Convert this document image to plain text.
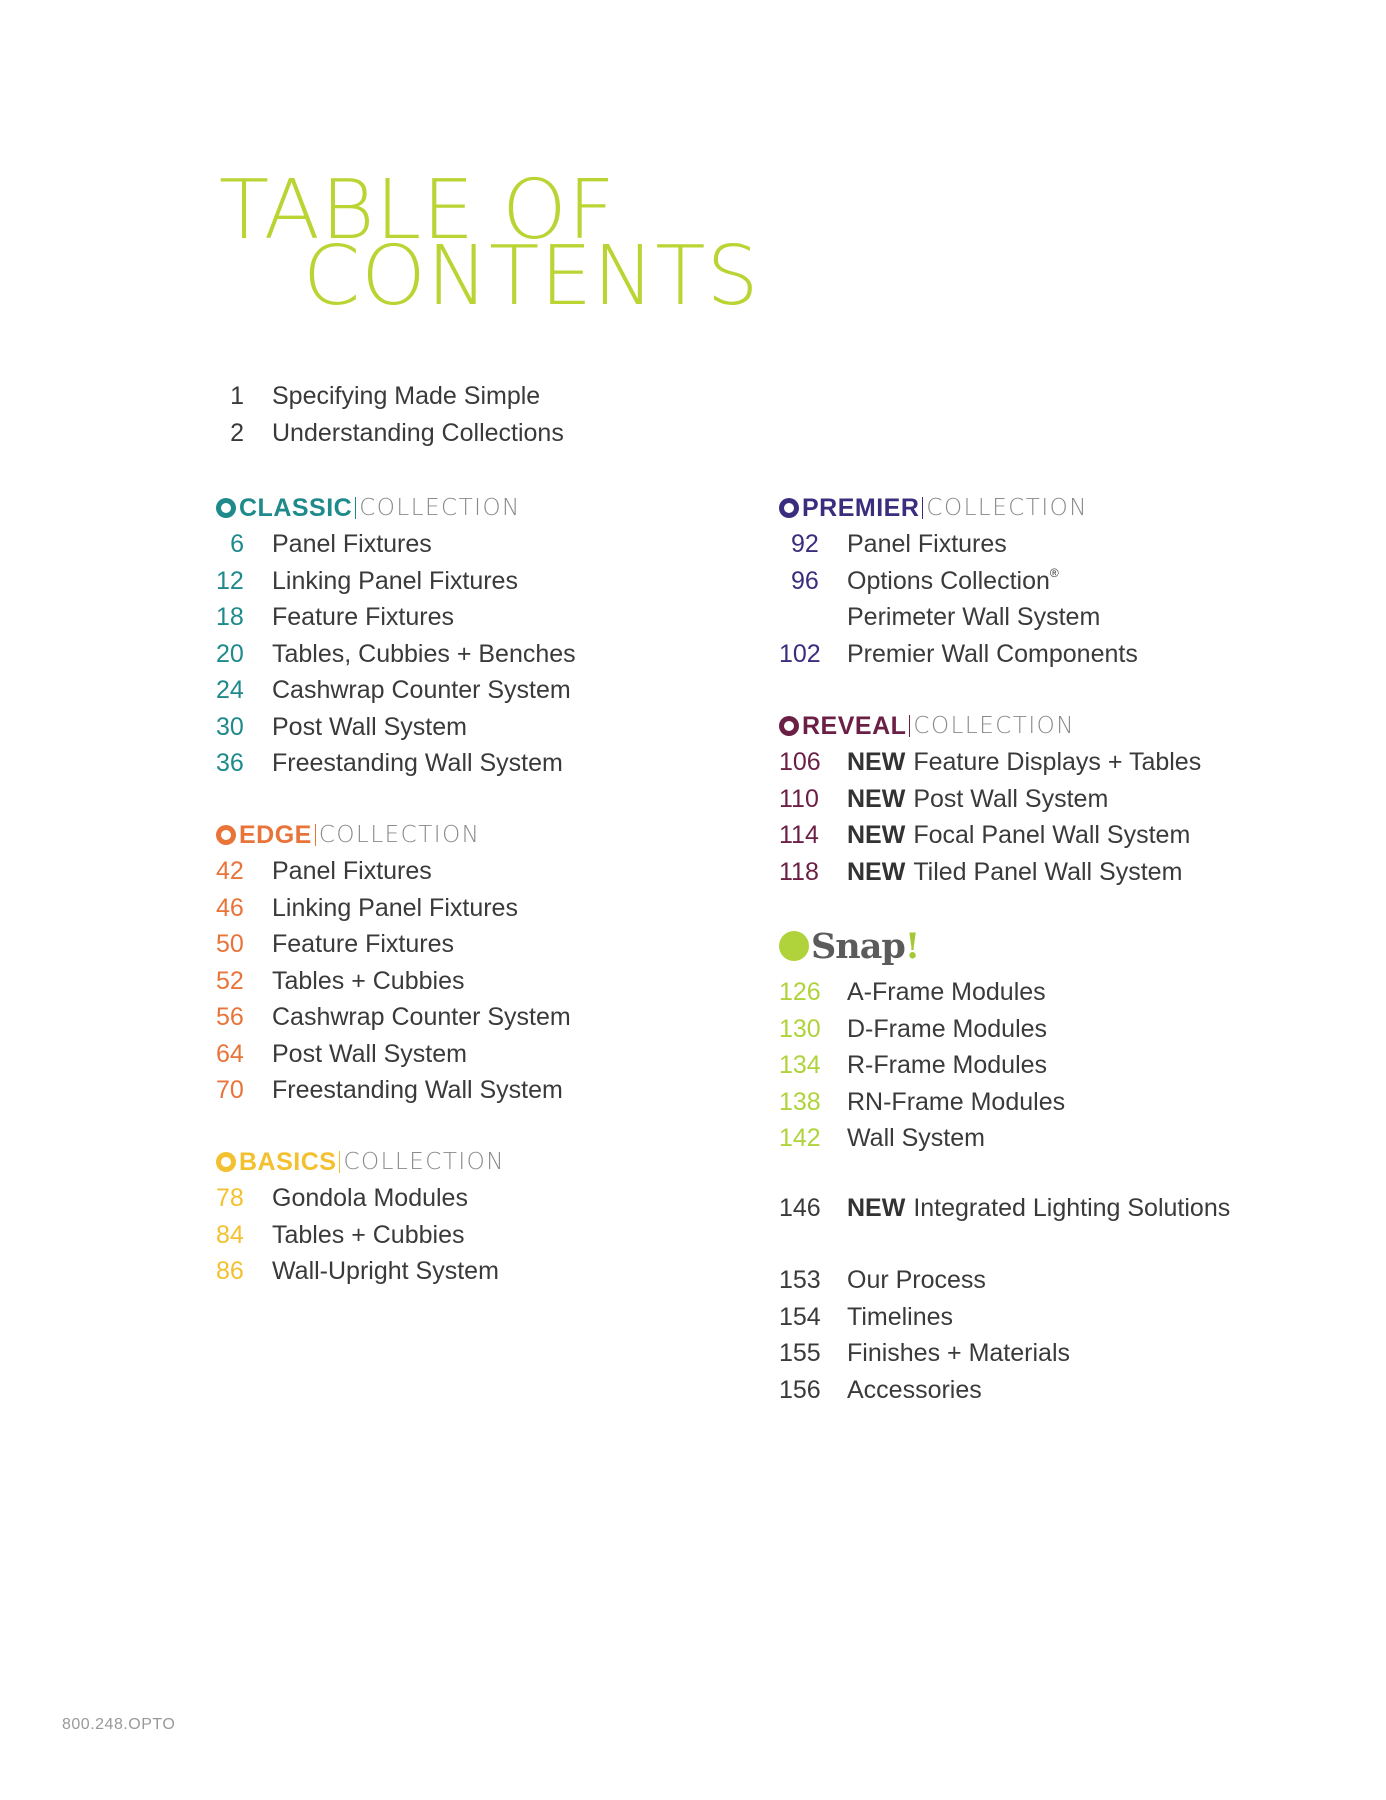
TABLE OF
CONTENTS
1 Specifying Made Simple
2 Understanding Collections
CLASSIC COLLECTION
6 Panel Fixtures
12	Linking Panel Fixtures
18	Feature Fixtures
20	Tables, Cubbies + Benches
24	Cashwrap Counter System
30	Post Wall System
36	Freestanding Wall System
EDGE COLLECTION
42	Panel Fixtures
46	Linking Panel Fixtures
50	Feature Fixtures
52	Tables + Cubbies
56	Cashwrap Counter System
64	Post Wall System
70	Freestanding Wall System
BASICS COLLECTION
78	Gondola Modules
84	Tables + Cubbies
86	Wall-Upright System
PREMIER COLLECTION
92	Panel Fixtures
96	Options Collection®
Perimeter Wall System
102	Premier Wall Components
REVEAL COLLECTION
106	NEW Feature Displays + Tables
110	NEW Post Wall System
114	NEW Focal Panel Wall System
118	NEW Tiled Panel Wall System
Snap!
126	A-Frame Modules
130	D-Frame Modules
134	R-Frame Modules
138	RN-Frame Modules
142	Wall System
146	NEW Integrated Lighting Solutions
153	Our Process
154	Timelines
155	Finishes + Materials
156	Accessories
800.248.OPTO
